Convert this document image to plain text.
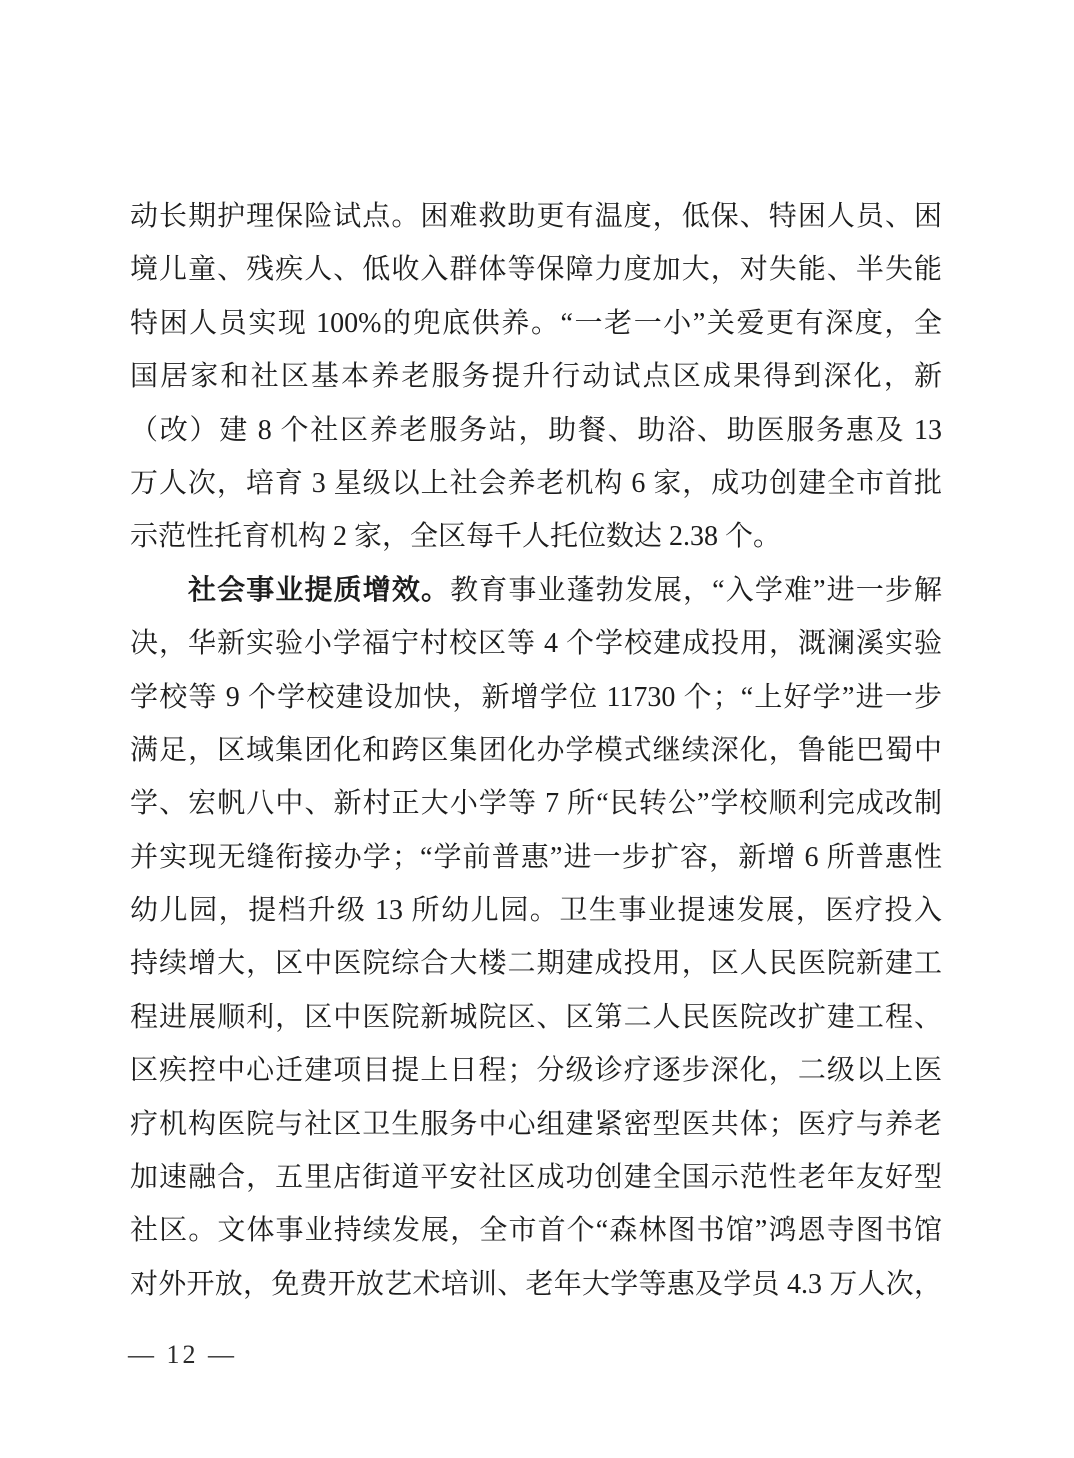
动长期护理保险试点。困难救助更有温度，低保、特困人员、困
境儿童、残疾人、低收入群体等保障力度加大，对失能、半失能
特困人员实现 100%的兜底供养。“一老一小”关爱更有深度，全
国居家和社区基本养老服务提升行动试点区成果得到深化，新
（改）建 8 个社区养老服务站，助餐、助浴、助医服务惠及 13
万人次，培育 3 星级以上社会养老机构 6 家，成功创建全市首批
示范性托育机构 2 家，全区每千人托位数达 2.38 个。
社会事业提质增效。教育事业蓬勃发展，“入学难”进一步解
决，华新实验小学福宁村校区等 4 个学校建成投用，溉澜溪实验
学校等 9 个学校建设加快，新增学位 11730 个；“上好学”进一步
满足，区域集团化和跨区集团化办学模式继续深化，鲁能巴蜀中
学、宏帆八中、新村正大小学等 7 所“民转公”学校顺利完成改制
并实现无缝衔接办学；“学前普惠”进一步扩容，新增 6 所普惠性
幼儿园，提档升级 13 所幼儿园。卫生事业提速发展，医疗投入
持续增大，区中医院综合大楼二期建成投用，区人民医院新建工
程进展顺利，区中医院新城院区、区第二人民医院改扩建工程、
区疾控中心迁建项目提上日程；分级诊疗逐步深化，二级以上医
疗机构医院与社区卫生服务中心组建紧密型医共体；医疗与养老
加速融合，五里店街道平安社区成功创建全国示范性老年友好型
社区。文体事业持续发展，全市首个“森林图书馆”鸿恩寺图书馆
对外开放，免费开放艺术培训、老年大学等惠及学员 4.3 万人次，
— 12 —
